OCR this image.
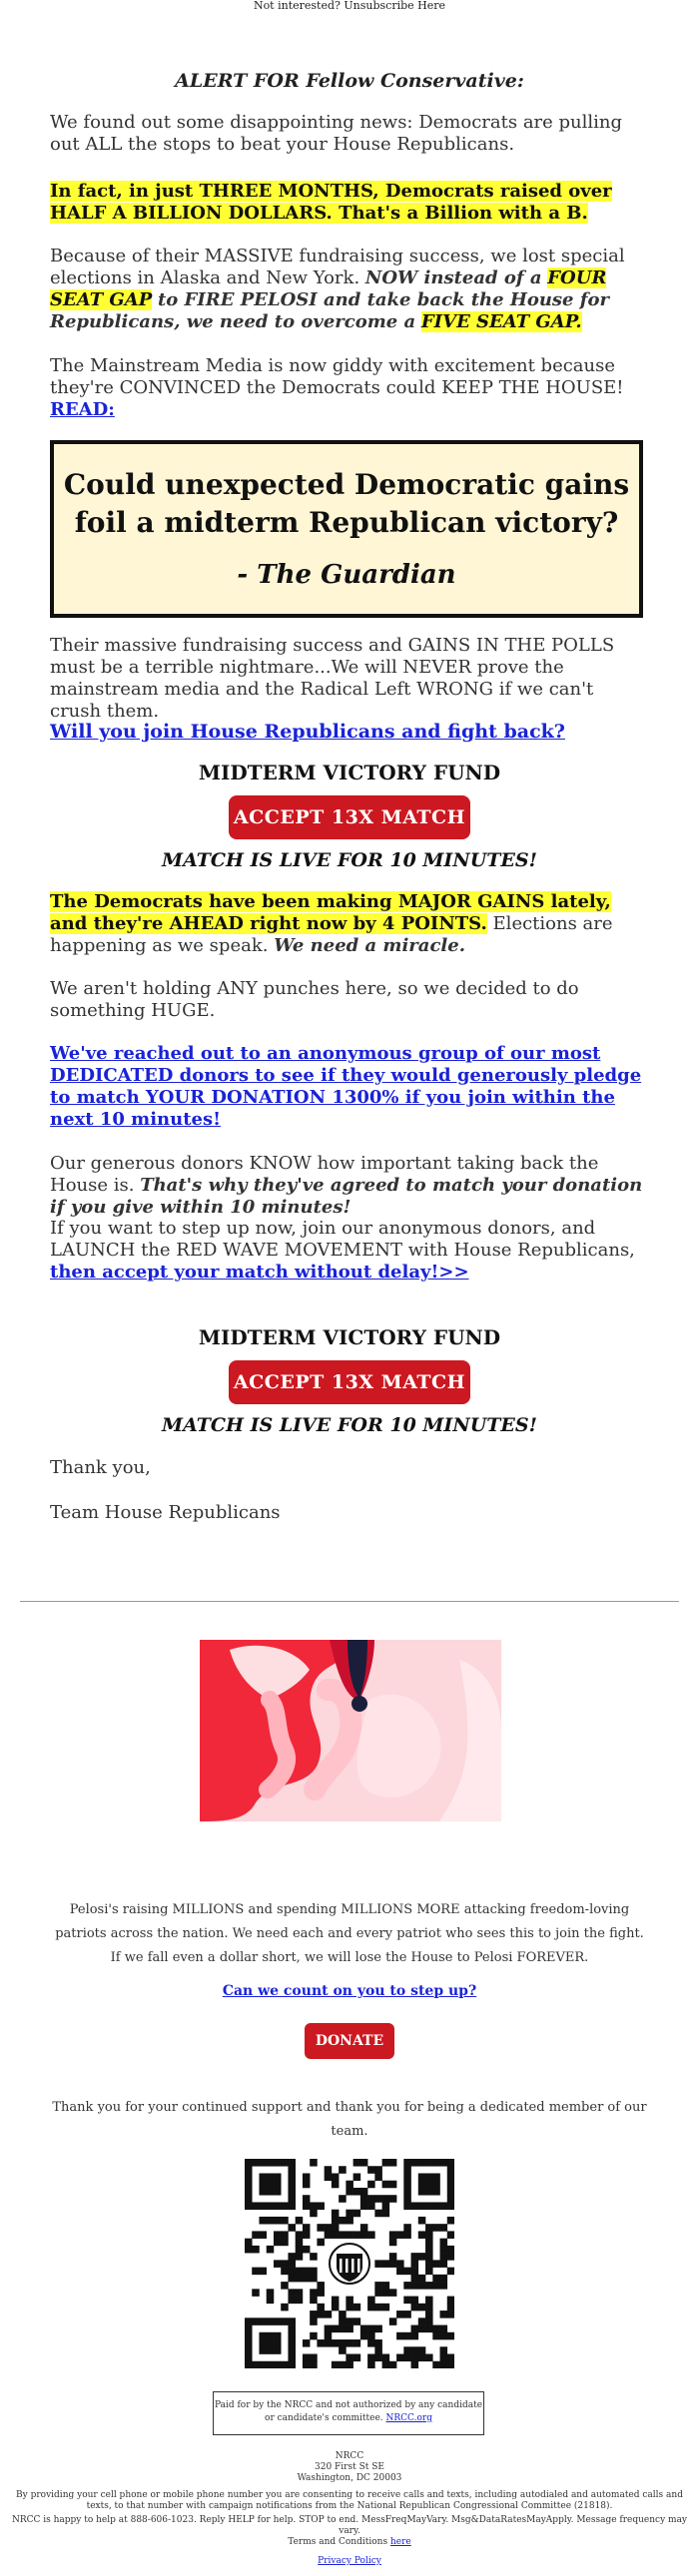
Not interested? Unsubscribe Here
ALERT FOR Fellow Conservative:
We found out some disappointing news: Democrats are pulling out ALL the stops to beat your House Republicans.
In fact, in just THREE MONTHS, Democrats raised over HALF A BILLION DOLLARS. That's a Billion with a B.
Because of their MASSIVE fundraising success, we lost special elections in Alaska and New York. NOW instead of a FOUR SEAT GAP to FIRE PELOSI and take back the House for Republicans, we need to overcome a FIVE SEAT GAP.
The Mainstream Media is now giddy with excitement because they're CONVINCED the Democrats could KEEP THE HOUSE!
READ:
Could unexpected Democratic gains foil a midterm Republican victory?
- The Guardian
Their massive fundraising success and GAINS IN THE POLLS must be a terrible nightmare...We will NEVER prove the mainstream media and the Radical Left WRONG if we can't crush them.
Will you join House Republicans and fight back?
MIDTERM VICTORY FUND
ACCEPT 13X MATCH
MATCH IS LIVE FOR 10 MINUTES!
The Democrats have been making MAJOR GAINS lately, and they're AHEAD right now by 4 POINTS. Elections are happening as we speak. We need a miracle.
We aren't holding ANY punches here, so we decided to do something HUGE.
We've reached out to an anonymous group of our most DEDICATED donors to see if they would generously pledge to match YOUR DONATION 1300% if you join within the next 10 minutes!
Our generous donors KNOW how important taking back the House is. That's why they've agreed to match your donation if you give within 10 minutes!
If you want to step up now, join our anonymous donors, and LAUNCH the RED WAVE MOVEMENT with House Republicans, then accept your match without delay!>>
MIDTERM VICTORY FUND
ACCEPT 13X MATCH
MATCH IS LIVE FOR 10 MINUTES!
Thank you,
Team House Republicans
Pelosi's raising MILLIONS and spending MILLIONS MORE attacking freedom-loving patriots across the nation. We need each and every patriot who sees this to join the fight. If we fall even a dollar short, we will lose the House to Pelosi FOREVER.
Can we count on you to step up?
DONATE
Thank you for your continued support and thank you for being a dedicated member of our team.
Paid for by the NRCC and not authorized by any candidate or candidate's committee. NRCC.org
NRCC
320 First St SE
Washington, DC 20003
By providing your cell phone or mobile phone number you are consenting to receive calls and texts, including autodialed and automated calls and texts, to that number with campaign notifications from the National Republican Congressional Committee (21818).
NRCC is happy to help at 888-606-1023. Reply HELP for help. STOP to end. MessFreqMayVary. Msg&DataRatesMayApply. Message frequency may vary.
Terms and Conditions here
Privacy Policy
